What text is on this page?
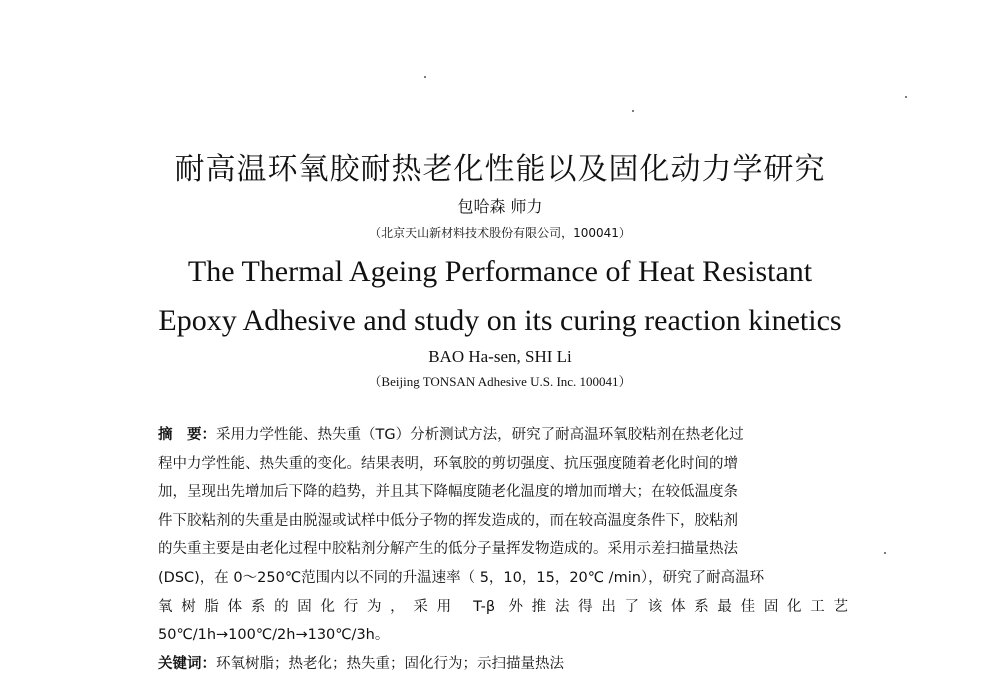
耐高温环氧胶耐热老化性能以及固化动力学研究
包哈森 师力
（北京天山新材料技术股份有限公司，100041）
The Thermal Ageing Performance of Heat Resistant
Epoxy Adhesive and study on its curing reaction kinetics
BAO Ha-sen, SHI Li
（Beijing TONSAN Adhesive U.S. Inc. 100041）
摘　要：采用力学性能、热失重（TG）分析测试方法，研究了耐高温环氧胶粘剂在热老化过
程中力学性能、热失重的变化。结果表明，环氧胶的剪切强度、抗压强度随着老化时间的增
加，呈现出先增加后下降的趋势，并且其下降幅度随老化温度的增加而增大；在较低温度条
件下胶粘剂的失重是由脱湿或试样中低分子物的挥发造成的，而在较高温度条件下，胶粘剂
的失重主要是由老化过程中胶粘剂分解产生的低分子量挥发物造成的。采用示差扫描量热法
(DSC)，在 0～250℃范围内以不同的升温速率（ 5，10，15，20℃ /min），研究了耐高温环
氧树脂体系的固化行为，采用 T-β 外推法得出了该体系最佳固化工艺
50℃/1h→100℃/2h→130℃/3h。
关键词：环氧树脂；热老化；热失重；固化行为；示扫描量热法
